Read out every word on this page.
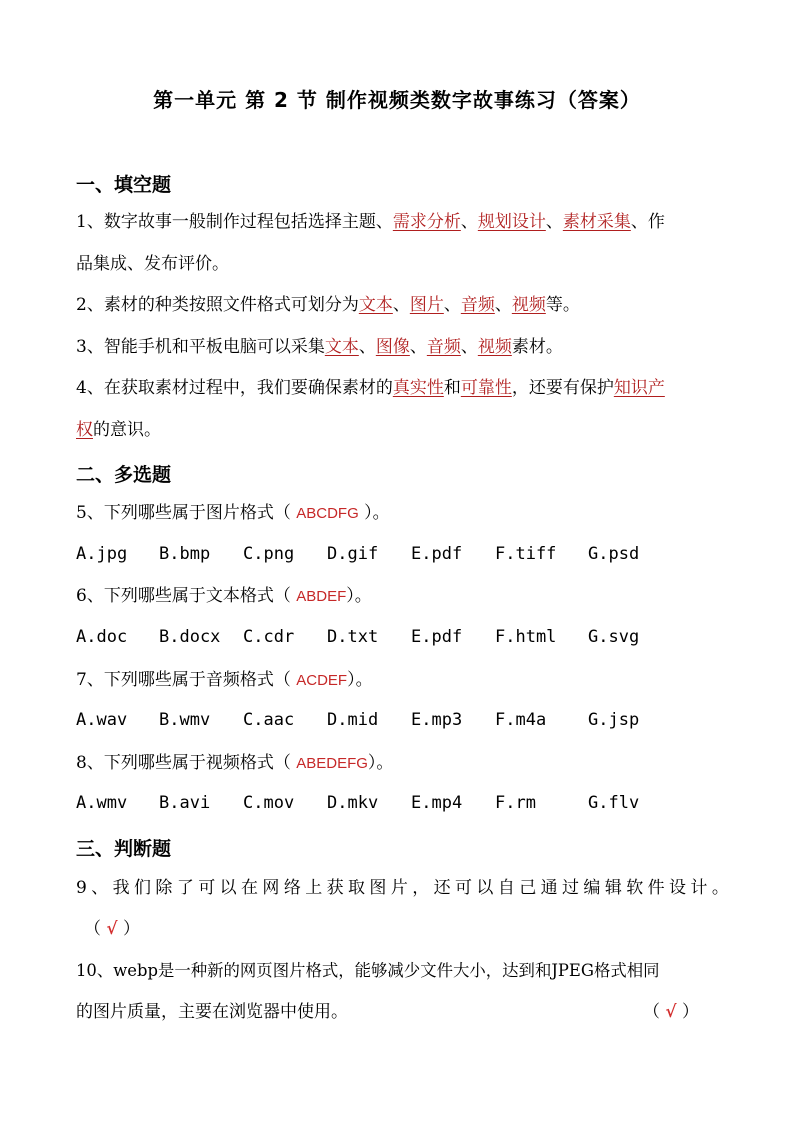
第一单元 第 2 节 制作视频类数字故事练习（答案）
一、填空题
1、数字故事一般制作过程包括选择主题、需求分析、规划设计、素材采集、作
品集成、发布评价。
2、素材的种类按照文件格式可划分为文本、图片、音频、视频等。
3、智能手机和平板电脑可以采集文本、图像、音频、视频素材。
4、在获取素材过程中，我们要确保素材的真实性和可靠性，还要有保护知识产
权的意识。
二、多选题
5、下列哪些属于图片格式（ ABCDFG ）。
A.jpg B.bmp C.png D.gif E.pdf F.tiff G.psd
6、下列哪些属于文本格式（ ABDEF）。
A.doc B.docx C.cdr D.txt E.pdf F.html G.svg
7、下列哪些属于音频格式（ ACDEF）。
A.wav B.wmv C.aac D.mid E.mp3 F.m4a G.jsp
8、下列哪些属于视频格式（ ABEDEFG）。
A.wmv B.avi C.mov D.mkv E.mp4 F.rm	G.flv
三、判断题
9、我们除了可以在网络上获取图片，还可以自己通过编辑软件设计。
（ √ ）
10、webp是一种新的网页图片格式，能够减少文件大小，达到和JPEG格式相同
的图片质量，主要在浏览器中使用。	（ √ ）
